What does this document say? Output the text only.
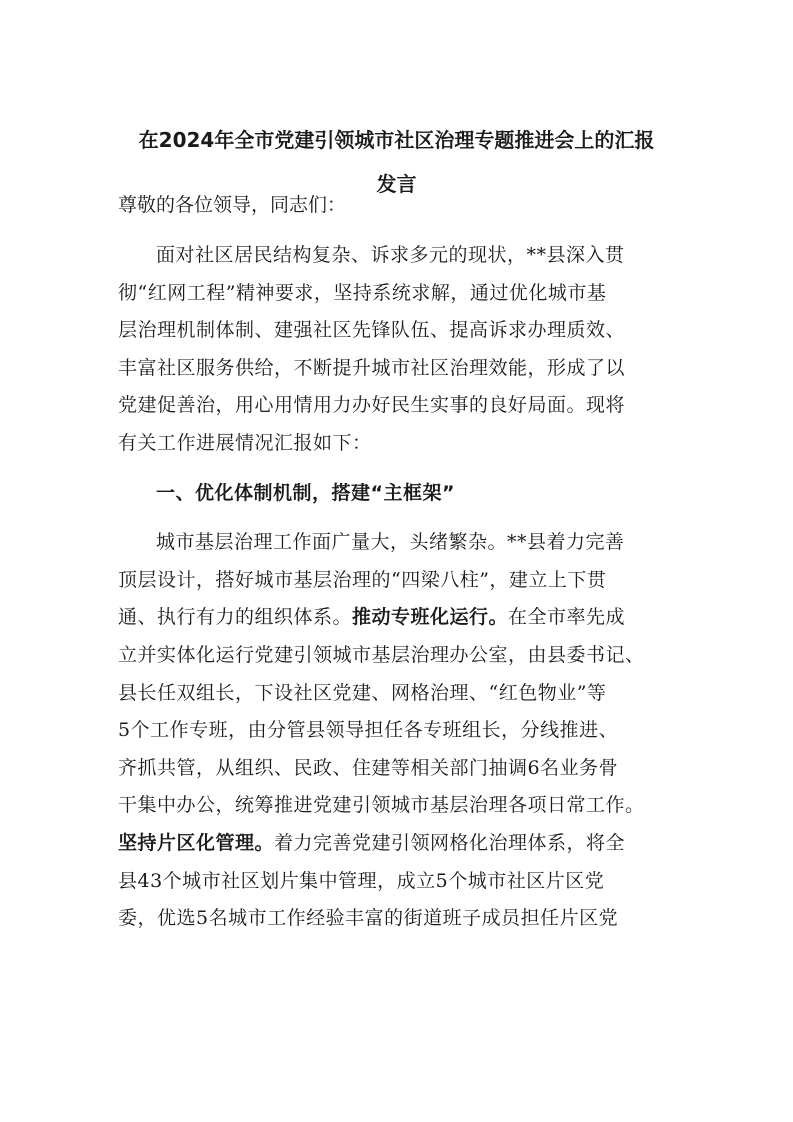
在2024年全市党建引领城市社区治理专题推进会上的汇报
发言
尊敬的各位领导，同志们：
面对社区居民结构复杂、诉求多元的现状，**县深入贯
彻“红网工程”精神要求，坚持系统求解，通过优化城市基
层治理机制体制、建强社区先锋队伍、提高诉求办理质效、
丰富社区服务供给，不断提升城市社区治理效能，形成了以
党建促善治，用心用情用力办好民生实事的良好局面。现将
有关工作进展情况汇报如下：
一、优化体制机制，搭建“主框架”
城市基层治理工作面广量大，头绪繁杂。**县着力完善
顶层设计，搭好城市基层治理的“四梁八柱”，建立上下贯
通、执行有力的组织体系。推动专班化运行。在全市率先成
立并实体化运行党建引领城市基层治理办公室，由县委书记、
县长任双组长，下设社区党建、网格治理、“红色物业”等
5个工作专班，由分管县领导担任各专班组长，分线推进、
齐抓共管，从组织、民政、住建等相关部门抽调6名业务骨
干集中办公，统筹推进党建引领城市基层治理各项日常工作。
坚持片区化管理。着力完善党建引领网格化治理体系，将全
县43个城市社区划片集中管理，成立5个城市社区片区党
委，优选5名城市工作经验丰富的街道班子成员担任片区党
